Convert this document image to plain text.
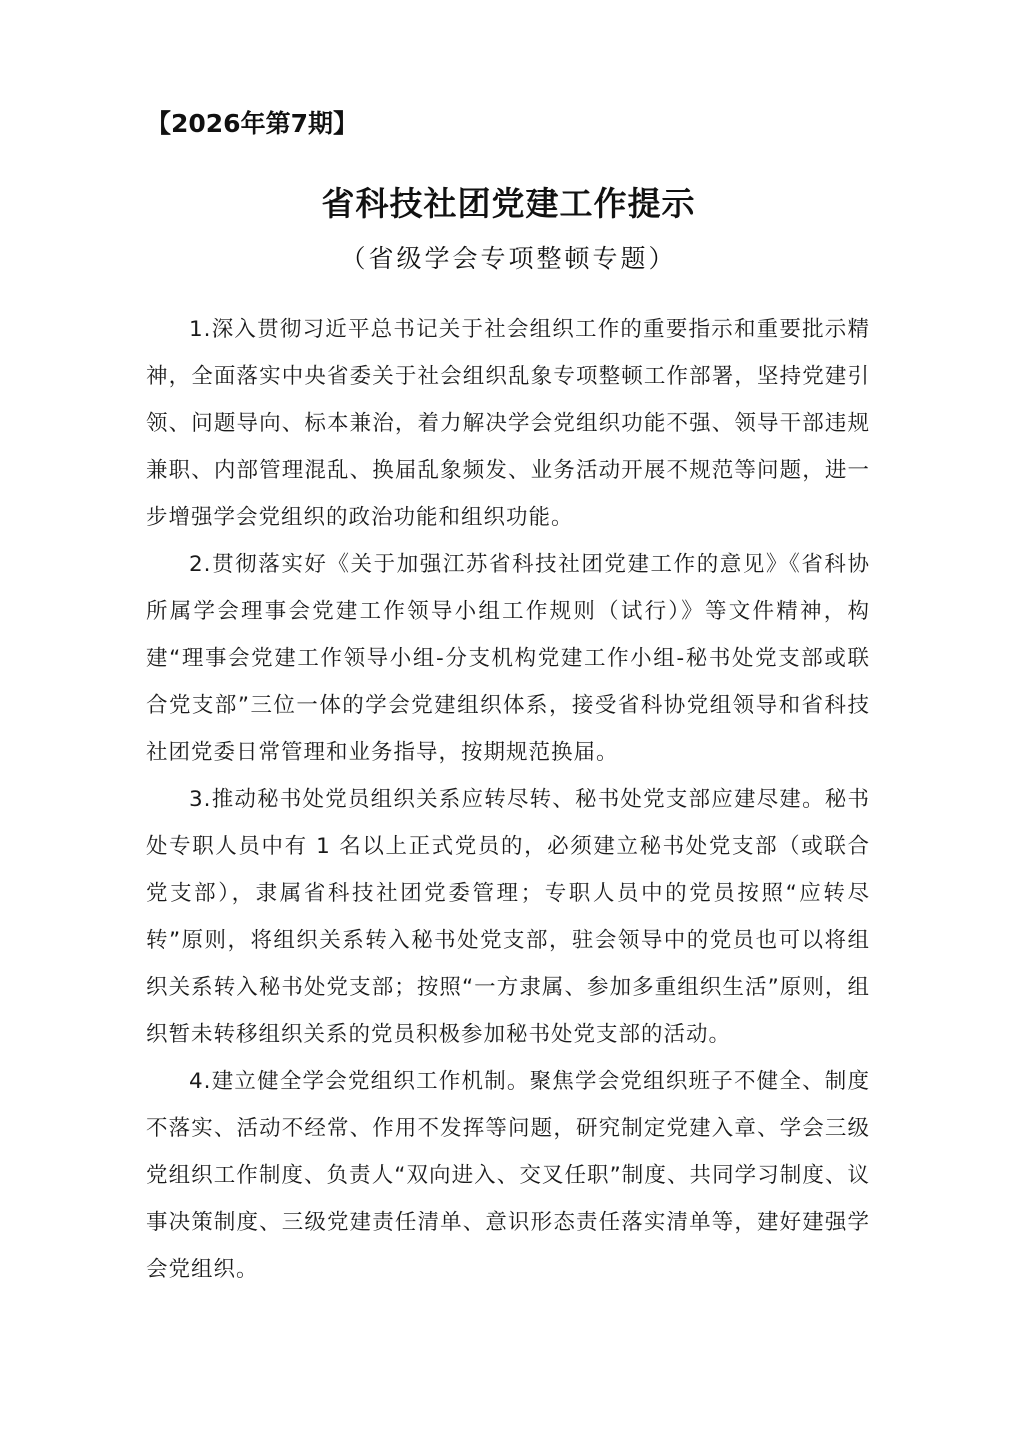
【2026年第7期】
省科技社团党建工作提示
（省级学会专项整顿专题）

1.深入贯彻习近平总书记关于社会组织工作的重要指示和重要批示精神，全面落实中央省委关于社会组织乱象专项整顿工作部署，坚持党建引领、问题导向、标本兼治，着力解决学会党组织功能不强、领导干部违规兼职、内部管理混乱、换届乱象频发、业务活动开展不规范等问题，进一步增强学会党组织的政治功能和组织功能。

2.贯彻落实好《关于加强江苏省科技社团党建工作的意见》《省科协所属学会理事会党建工作领导小组工作规则（试行）》等文件精神，构建“理事会党建工作领导小组-分支机构党建工作小组-秘书处党支部或联合党支部”三位一体的学会党建组织体系，接受省科协党组领导和省科技社团党委日常管理和业务指导，按期规范换届。

3.推动秘书处党员组织关系应转尽转、秘书处党支部应建尽建。秘书处专职人员中有 1 名以上正式党员的，必须建立秘书处党支部（或联合党支部），隶属省科技社团党委管理；专职人员中的党员按照“应转尽转”原则，将组织关系转入秘书处党支部，驻会领导中的党员也可以将组织关系转入秘书处党支部；按照“一方隶属、参加多重组织生活”原则，组织暂未转移组织关系的党员积极参加秘书处党支部的活动。

4.建立健全学会党组织工作机制。聚焦学会党组织班子不健全、制度不落实、活动不经常、作用不发挥等问题，研究制定党建入章、学会三级党组织工作制度、负责人“双向进入、交叉任职”制度、共同学习制度、议事决策制度、三级党建责任清单、意识形态责任落实清单等，建好建强学会党组织。
